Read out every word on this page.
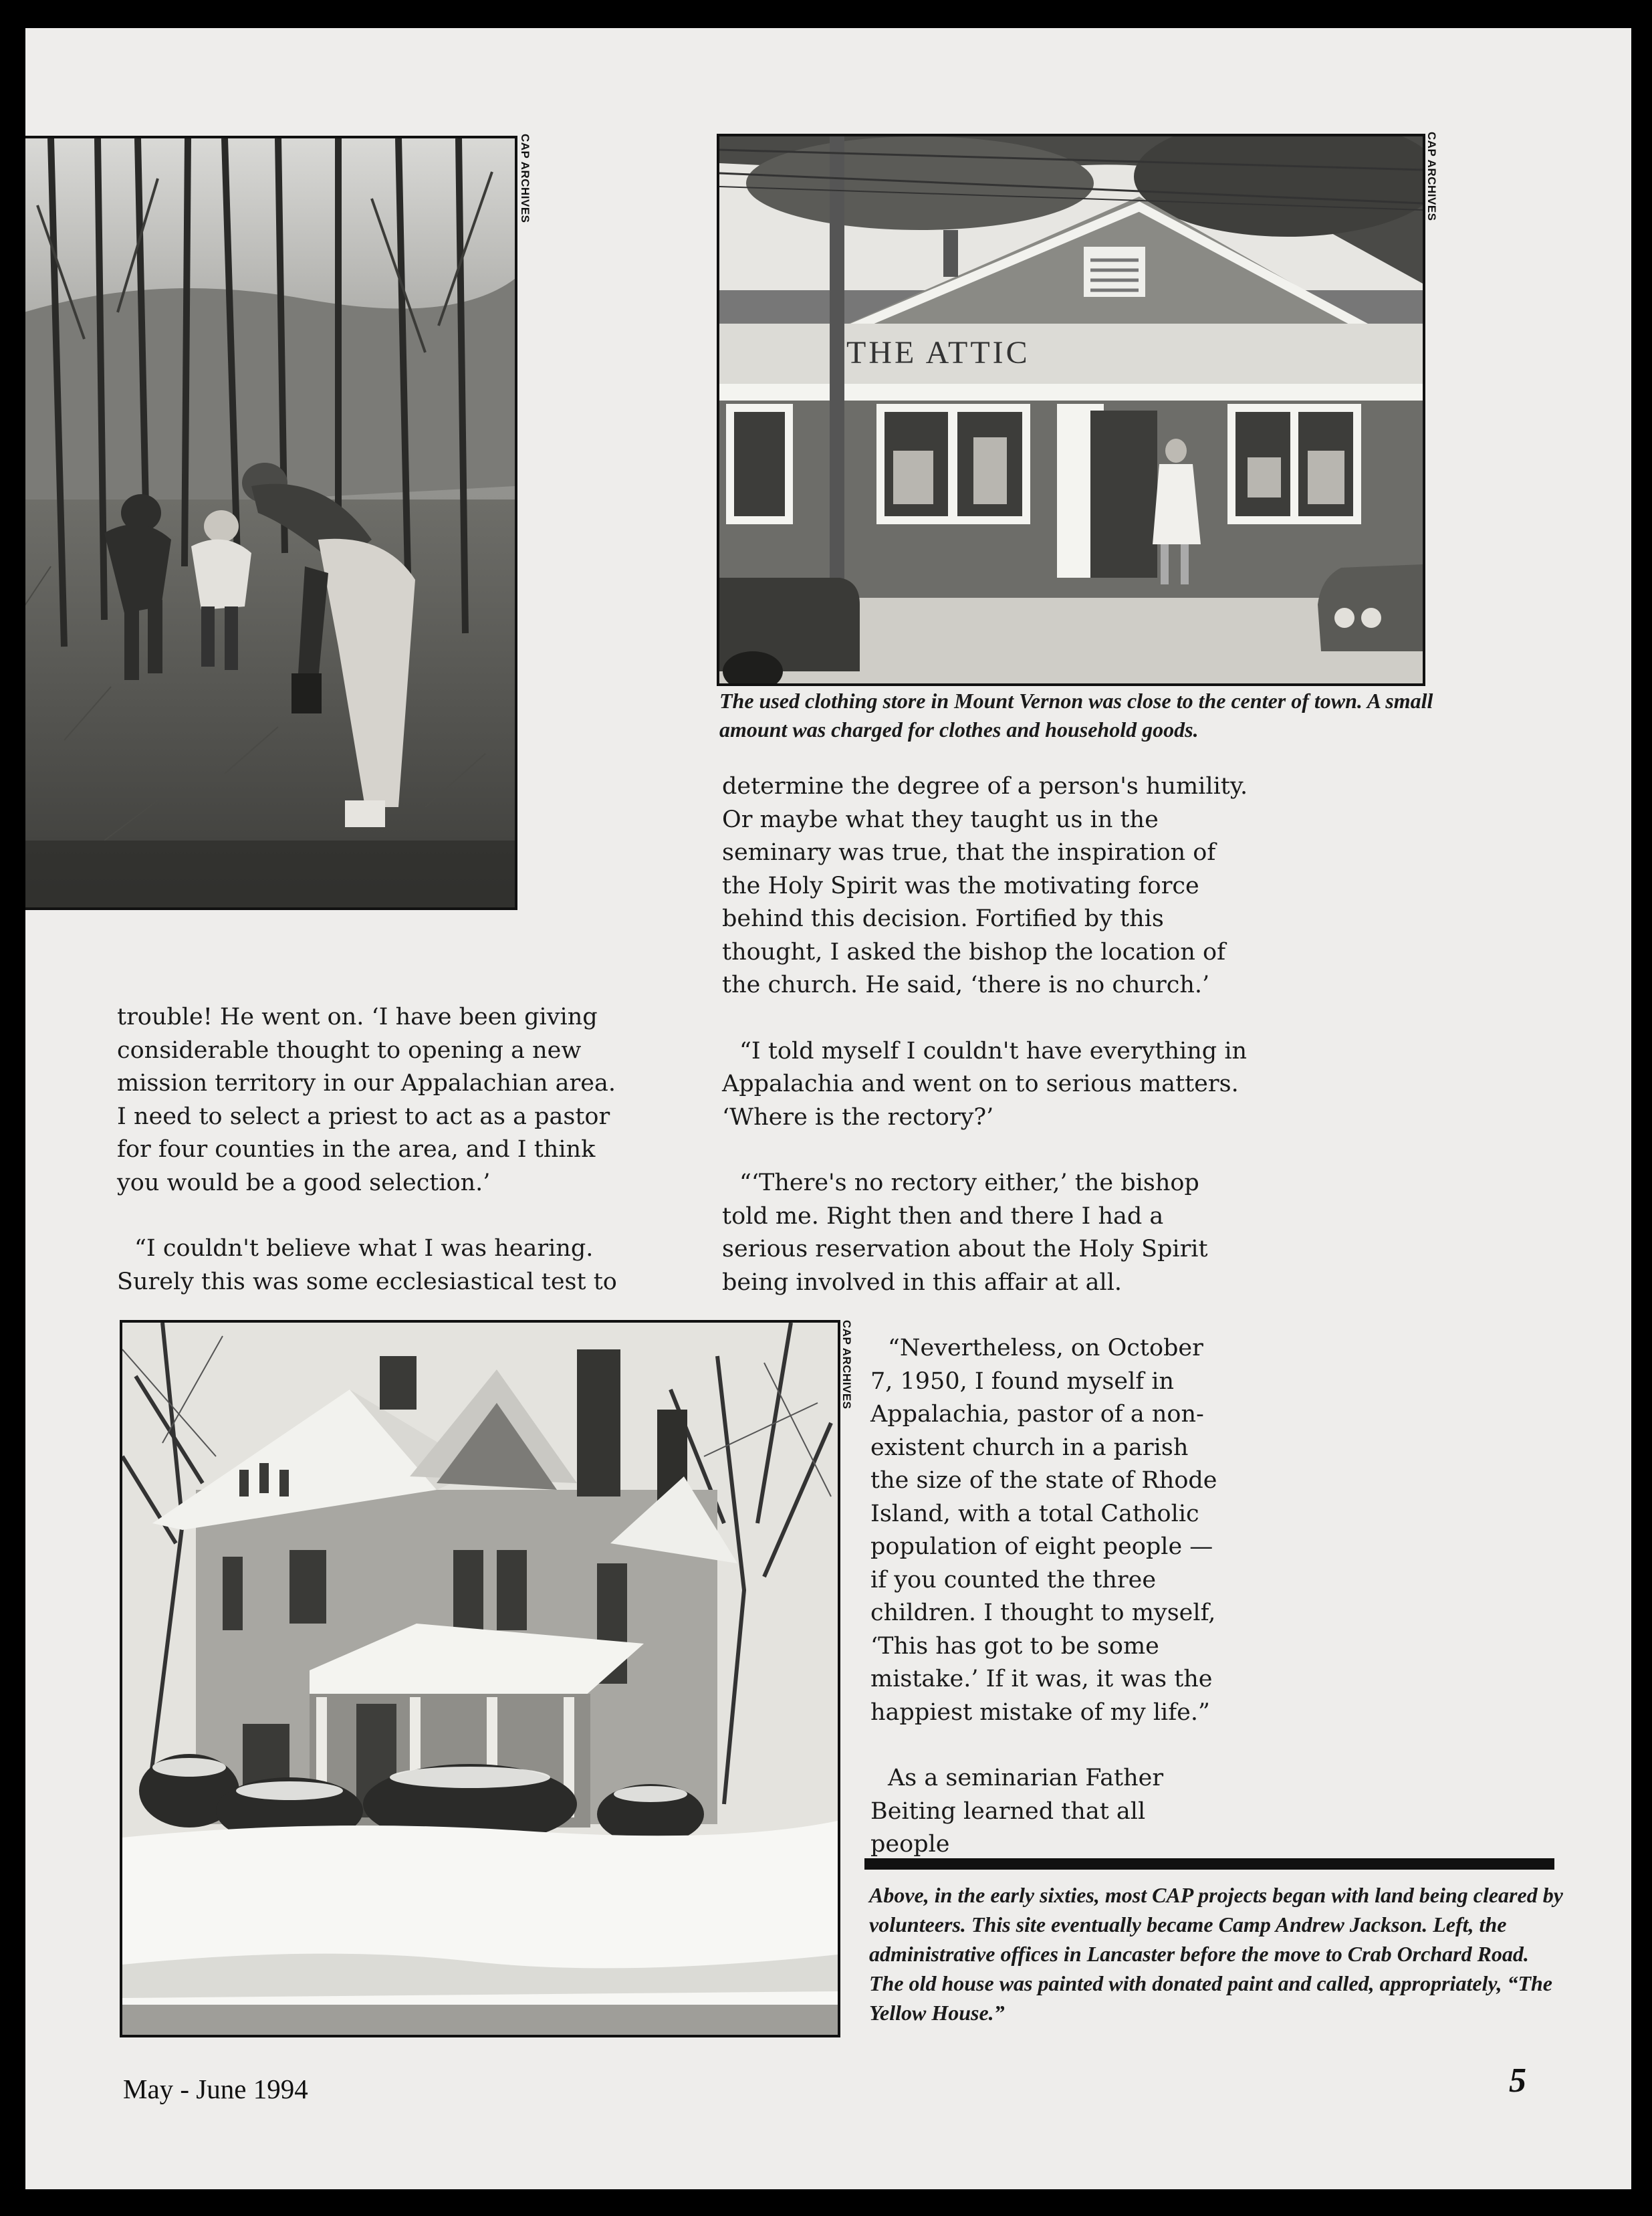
CAP ARCHIVES
THE ATTIC
CAP ARCHIVES

The used clothing store in Mount Vernon was close to the center of town. A small amount was charged for clothes and household goods.

determine the degree of a person's humility. Or maybe what they taught us in the seminary was true, that the inspiration of the Holy Spirit was the motivating force behind this decision. Fortified by this thought, I asked the bishop the location of the church. He said, ‘there is no church.’

“I told myself I couldn't have everything in Appalachia and went on to serious matters. ‘Where is the rectory?’

“‘There's no rectory either,’ the bishop told me. Right then and there I had a serious reservation about the Holy Spirit being involved in this affair at all.

trouble! He went on. ‘I have been giving considerable thought to opening a new mission territory in our Appalachian area. I need to select a priest to act as a pastor for four counties in the area, and I think you would be a good selection.’

“I couldn't believe what I was hearing. Surely this was some ecclesiastical test to

CAP ARCHIVES	“Nevertheless, on October 7, 1950, I found myself in Appalachia, pastor of a non-existent church in a parish the size of the state of Rhode Island, with a total Catholic population of eight people — if you counted the three children. I thought to myself, ‘This has got to be some mistake.’ If it was, it was the happiest mistake of my life.”

As a seminarian Father Beiting learned that all people

Above, in the early sixties, most CAP projects began with land being cleared by volunteers. This site eventually became Camp Andrew Jackson. Left, the administrative offices in Lancaster before the move to Crab Orchard Road. The old house was painted with donated paint and called, appropriately, “The Yellow House.”

May - June 1994	5
